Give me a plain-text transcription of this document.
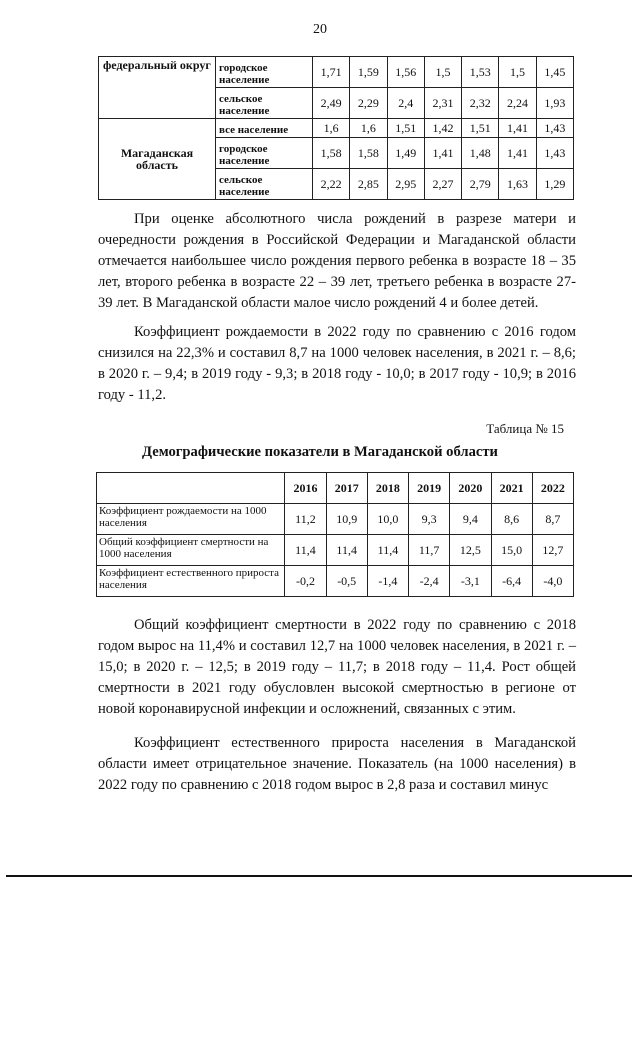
20
федеральный округ	городское население	1,71	1,59	1,56	1,5	1,53	1,5	1,45
	сельское население	2,49	2,29	2,4	2,31	2,32	2,24	1,93
Магаданская область	все население	1,6	1,6	1,51	1,42	1,51	1,41	1,43
	городское население	1,58	1,58	1,49	1,41	1,48	1,41	1,43
	сельское население	2,22	2,85	2,95	2,27	2,79	1,63	1,29

При оценке абсолютного числа рождений в разрезе матери и очередности рождения в Российской Федерации и Магаданской области отмечается наибольшее число рождения первого ребенка в возрасте 18 – 35 лет, второго ребенка в возрасте 22 – 39 лет, третьего ребенка в возрасте 27- 39 лет. В Магаданской области малое число рождений 4 и более детей.

Коэффициент рождаемости в 2022 году по сравнению с 2016 годом снизился на 22,3% и составил 8,7 на 1000 человек населения, в 2021 г. – 8,6; в 2020 г. – 9,4; в 2019 году - 9,3; в 2018 году - 10,0; в 2017 году - 10,9; в 2016 году - 11,2.

Таблица № 15
Демографические показатели в Магаданской области
	2016	2017	2018	2019	2020	2021	2022
Коэффициент рождаемости на 1000 населения	11,2	10,9	10,0	9,3	9,4	8,6	8,7
Общий коэффициент смертности на 1000 населения	11,4	11,4	11,4	11,7	12,5	15,0	12,7
Коэффициент естественного прироста населения	-0,2	-0,5	-1,4	-2,4	-3,1	-6,4	-4,0

Общий коэффициент смертности в 2022 году по сравнению с 2018 годом вырос на 11,4% и составил 12,7 на 1000 человек населения, в 2021 г. – 15,0; в 2020 г. – 12,5; в 2019 году – 11,7; в 2018 году – 11,4. Рост общей смертности в 2021 году обусловлен высокой смертностью в регионе от новой коронавирусной инфекции и осложнений, связанных с этим.

Коэффициент естественного прироста населения в Магаданской области имеет отрицательное значение. Показатель (на 1000 населения) в 2022 году по сравнению с 2018 годом вырос в 2,8 раза и составил минус
